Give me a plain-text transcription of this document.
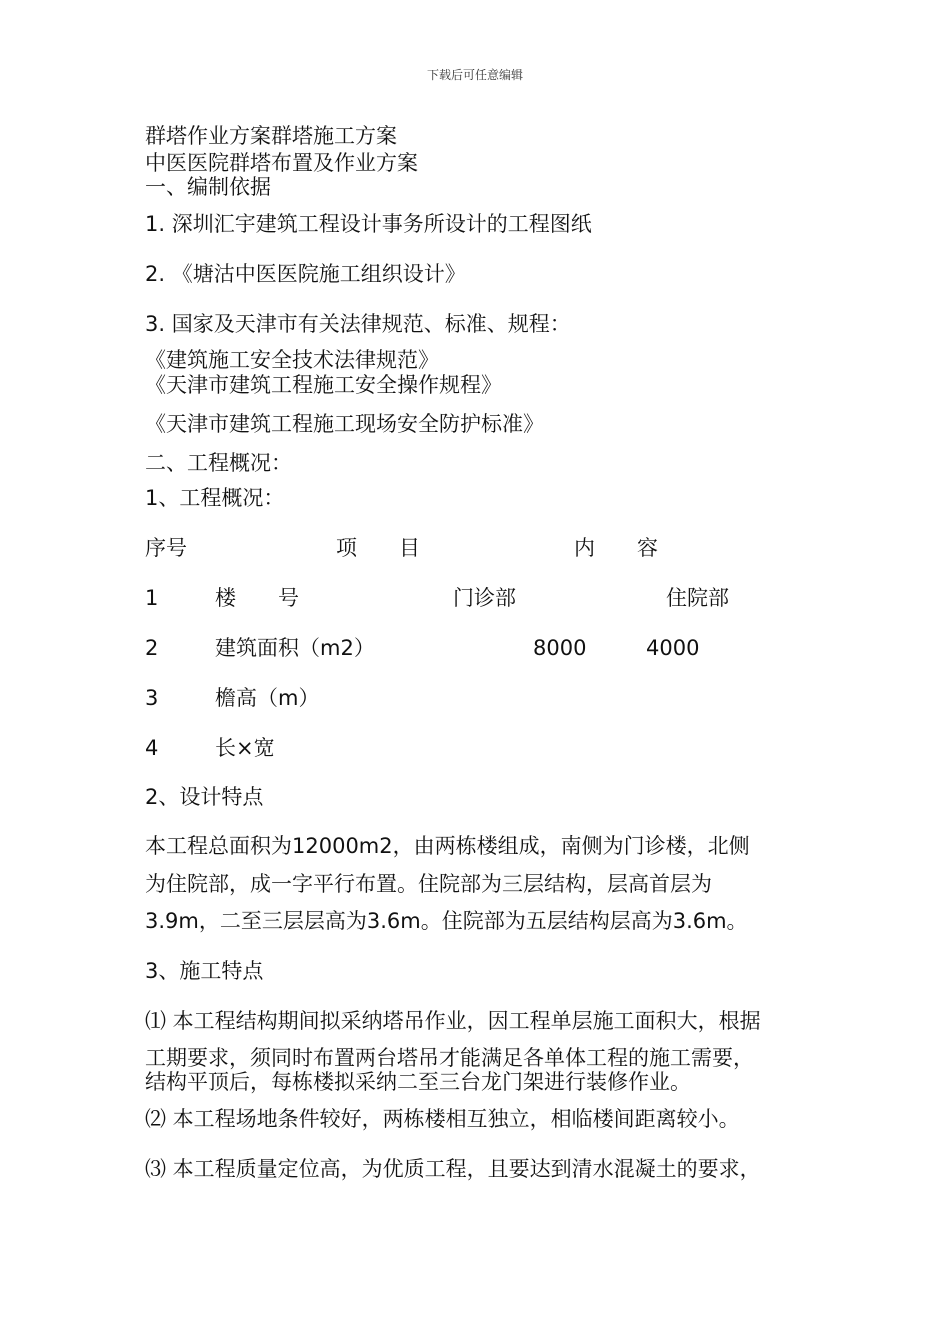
下载后可任意编辑
群塔作业方案群塔施工方案
中医医院群塔布置及作业方案
一、编制依据
1. 深圳汇宇建筑工程设计事务所设计的工程图纸
2. 《塘沽中医医院施工组织设计》
3. 国家及天津市有关法律规范、标准、规程：
《建筑施工安全技术法律规范》
《天津市建筑工程施工安全操作规程》
《天津市建筑工程施工现场安全防护标准》
二、工程概况：
1、工程概况：
序号	项　　目	内　　容
1	楼　　号	门诊部	住院部
2	建筑面积（m2）	8000	4000
3	檐高（m）
4	长×宽
2、设计特点
本工程总面积为12000m2，由两栋楼组成，南侧为门诊楼，北侧
为住院部，成一字平行布置。住院部为三层结构，层高首层为
3.9m，二至三层层高为3.6m。住院部为五层结构层高为3.6m。
3、施工特点
⑴ 本工程结构期间拟采纳塔吊作业，因工程单层施工面积大，根据
工期要求，须同时布置两台塔吊才能满足各单体工程的施工需要，
结构平顶后，每栋楼拟采纳二至三台龙门架进行装修作业。
⑵ 本工程场地条件较好，两栋楼相互独立，相临楼间距离较小。
⑶ 本工程质量定位高，为优质工程，且要达到清水混凝土的要求，
